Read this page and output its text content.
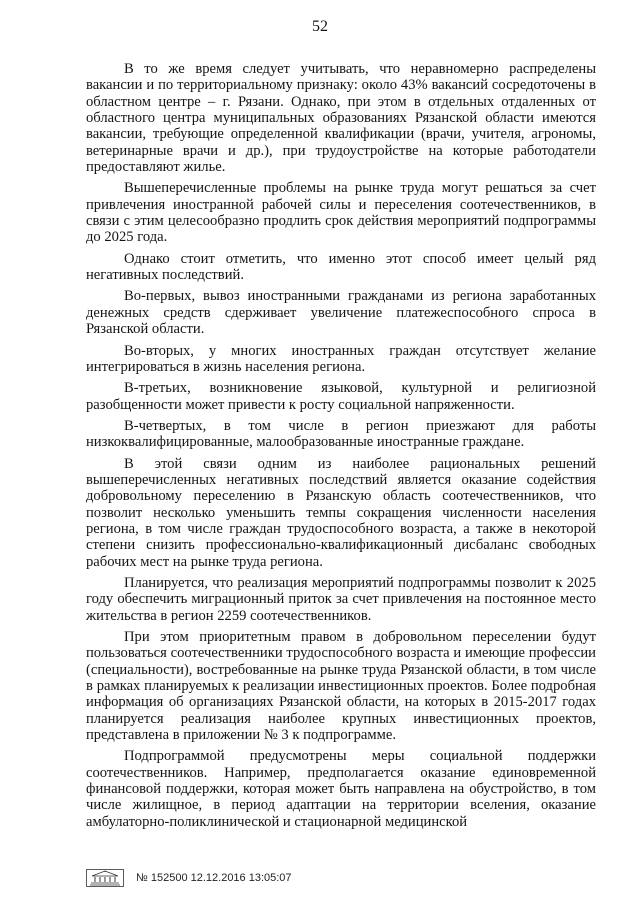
52

В то же время следует учитывать, что неравномерно распределены вакансии и по территориальному признаку: около 43% вакансий сосредоточены в областном центре – г. Рязани. Однако, при этом в отдельных отдаленных от областного центра муниципальных образованиях Рязанской области имеются вакансии, требующие определенной квалификации (врачи, учителя, агрономы, ветеринарные врачи и др.), при трудоустройстве на которые работодатели предоставляют жилье.

Вышеперечисленные проблемы на рынке труда могут решаться за счет привлечения иностранной рабочей силы и переселения соотечественников, в связи с этим целесообразно продлить срок действия мероприятий подпрограммы до 2025 года.

Однако стоит отметить, что именно этот способ имеет целый ряд негативных последствий.

Во-первых, вывоз иностранными гражданами из региона заработанных денежных средств сдерживает увеличение платежеспособного спроса в Рязанской области.

Во-вторых, у многих иностранных граждан отсутствует желание интегрироваться в жизнь населения региона.

В-третьих, возникновение языковой, культурной и религиозной разобщенности может привести к росту социальной напряженности.

В-четвертых, в том числе в регион приезжают для работы низкоквалифицированные, малообразованные иностранные граждане.

В этой связи одним из наиболее рациональных решений вышеперечисленных негативных последствий является оказание содействия добровольному переселению в Рязанскую область соотечественников, что позволит несколько уменьшить темпы сокращения численности населения региона, в том числе граждан трудоспособного возраста, а также в некоторой степени снизить профессионально-квалификационный дисбаланс свободных рабочих мест на рынке труда региона.

Планируется, что реализация мероприятий подпрограммы позволит к 2025 году обеспечить миграционный приток за счет привлечения на постоянное место жительства в регион 2259 соотечественников.

При этом приоритетным правом в добровольном переселении будут пользоваться соотечественники трудоспособного возраста и имеющие профессии (специальности), востребованные на рынке труда Рязанской области, в том числе в рамках планируемых к реализации инвестиционных проектов. Более подробная информация об организациях Рязанской области, на которых в 2015-2017 годах планируется реализация наиболее крупных инвестиционных проектов, представлена в приложении № 3 к подпрограмме.

Подпрограммой предусмотрены меры социальной поддержки соотечественников. Например, предполагается оказание единовременной финансовой поддержки, которая может быть направлена на обустройство, в том числе жилищное, в период адаптации на территории вселения, оказание амбулаторно-поликлинической и стационарной медицинской

№ 152500 12.12.2016 13:05:07
